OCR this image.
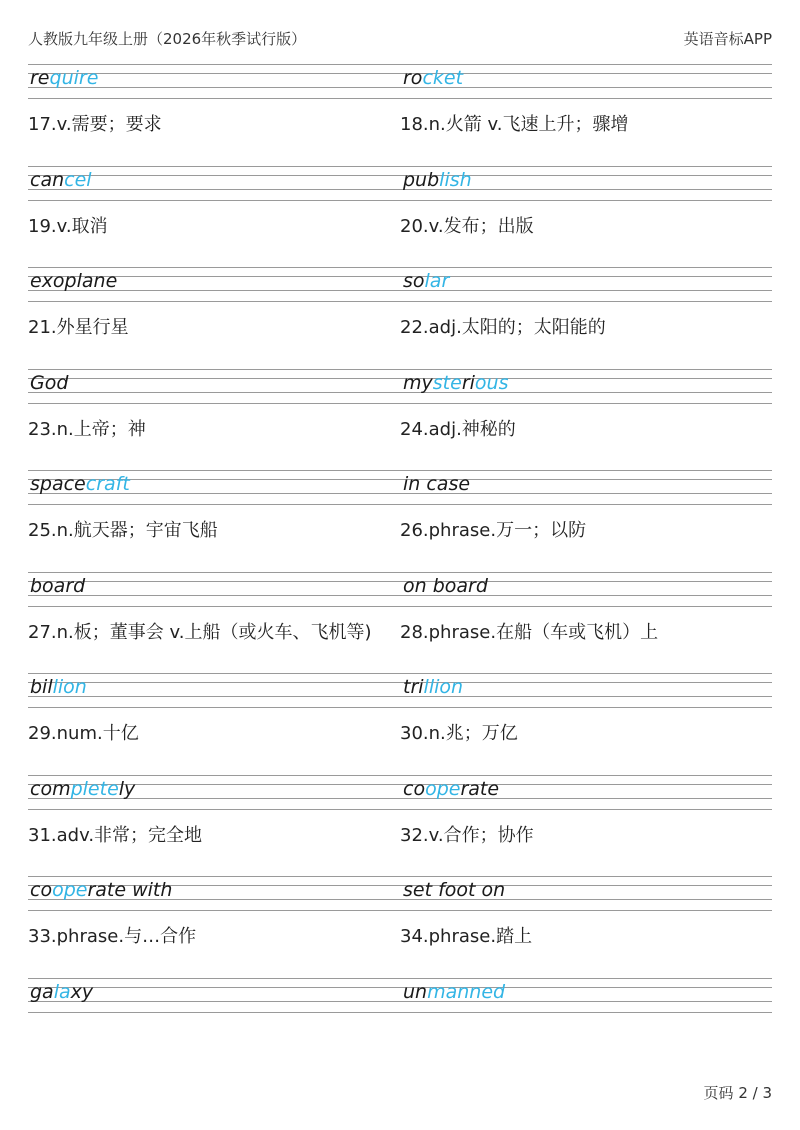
人教版九年级上册（2026年秋季试行版）	英语音标APP
require
17.v.需要；要求
rocket
18.n.火箭 v.飞速上升；骤增
cancel
19.v.取消
publish
20.v.发布；出版
exoplane
21.外星行星
solar
22.adj.太阳的；太阳能的
God
23.n.上帝；神
mysterious
24.adj.神秘的
spacecraft
25.n.航天器；宇宙飞船
in case
26.phrase.万一；以防
board
27.n.板；董事会 v.上船（或火车、飞机等)
on board
28.phrase.在船（车或飞机）上
billion
29.num.十亿
trillion
30.n.兆；万亿
completely
31.adv.非常；完全地
cooperate
32.v.合作；协作
cooperate with
33.phrase.与…合作
set foot on
34.phrase.踏上
galaxy	unmanned
页码 2 / 3
